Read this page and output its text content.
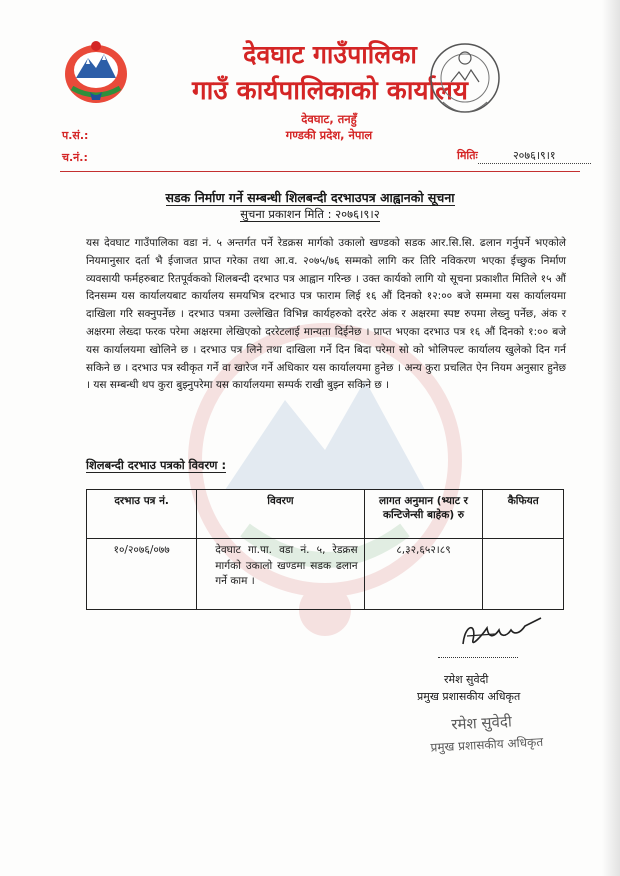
देवघाट गाउँपालिका
गाउँ कार्यपालिकाको कार्यालय
देवघाट, तनहुँ
गण्डकी प्रदेश, नेपाल
प.सं.:
च.नं.:	मितिः	२०७६।९।१
सडक निर्माण गर्ने सम्बन्धी शिलबन्दी दरभाउपत्र आह्वानको सूचना
सुचना प्रकाशन मिति : २०७६।९।२
यस देवघाट गाउँपालिका वडा नं. ५ अन्तर्गत पर्ने रेडक्रस मार्गको उकालो खण्डको सडक आर.सि.सि. ढलान गर्नुपर्ने भएकोले नियमानुसार दर्ता भै ईजाजत प्राप्त गरेका तथा आ.व. २०७५/७६ सम्मको लागि कर तिरि नविकरण भएका ईच्छुक निर्माण व्यवसायी फर्महरुबाट रितपूर्वकको शिलबन्दी दरभाउ पत्र आह्वान गरिन्छ । उक्त कार्यको लागि यो सूचना प्रकाशीत मितिले १५ औं दिनसम्म यस कार्यालयबाट कार्यालय समयभित्र दरभाउ पत्र फाराम लिई १६ औं दिनको १२:०० बजे सम्ममा यस कार्यालयमा दाखिला गरि सक्नुपर्नेछ । दरभाउ पत्रमा उल्लेखित विभिन्न कार्यहरुको दररेट अंक र अक्षरमा स्पष्ट रुपमा लेख्नु पर्नेछ, अंक र अक्षरमा लेख्दा फरक परेमा अक्षरमा लेखिएको दररेटलाई मान्यता दिईनेछ । प्राप्त भएका दरभाउ पत्र १६ औं दिनको १:०० बजे यस कार्यालयमा खोलिने छ । दरभाउ पत्र लिने तथा दाखिला गर्ने दिन बिदा परेमा सो को भोलिपल्ट कार्यालय खुलेको दिन गर्न सकिने छ । दरभाउ पत्र स्वीकृत गर्ने वा खारेज गर्ने अधिकार यस कार्यालयमा हुनेछ । अन्य कुरा प्रचलित ऐन नियम अनुसार हुनेछ । यस सम्बन्धी थप कुरा बुझ्नुपरेमा यस कार्यालयमा सम्पर्क राखी बुझ्न सकिने छ ।
शिलबन्दी दरभाउ पत्रको विवरण :
दरभाउ पत्र नं.	विवरण	लागत अनुमान (भ्याट र कन्टिजेन्सी बाहेक) रु	कैफियत
१०/२०७६/०७७	देवघाट गा.पा. वडा नं. ५, रेडक्रस मार्गको उकालो खण्डमा सडक ढलान गर्ने काम ।	८,३२,६५२।८९	
रमेश सुवेदी
प्रमुख प्रशासकीय अधिकृत
रमेश सुवेदी
प्रमुख प्रशासकीय अधिकृत
